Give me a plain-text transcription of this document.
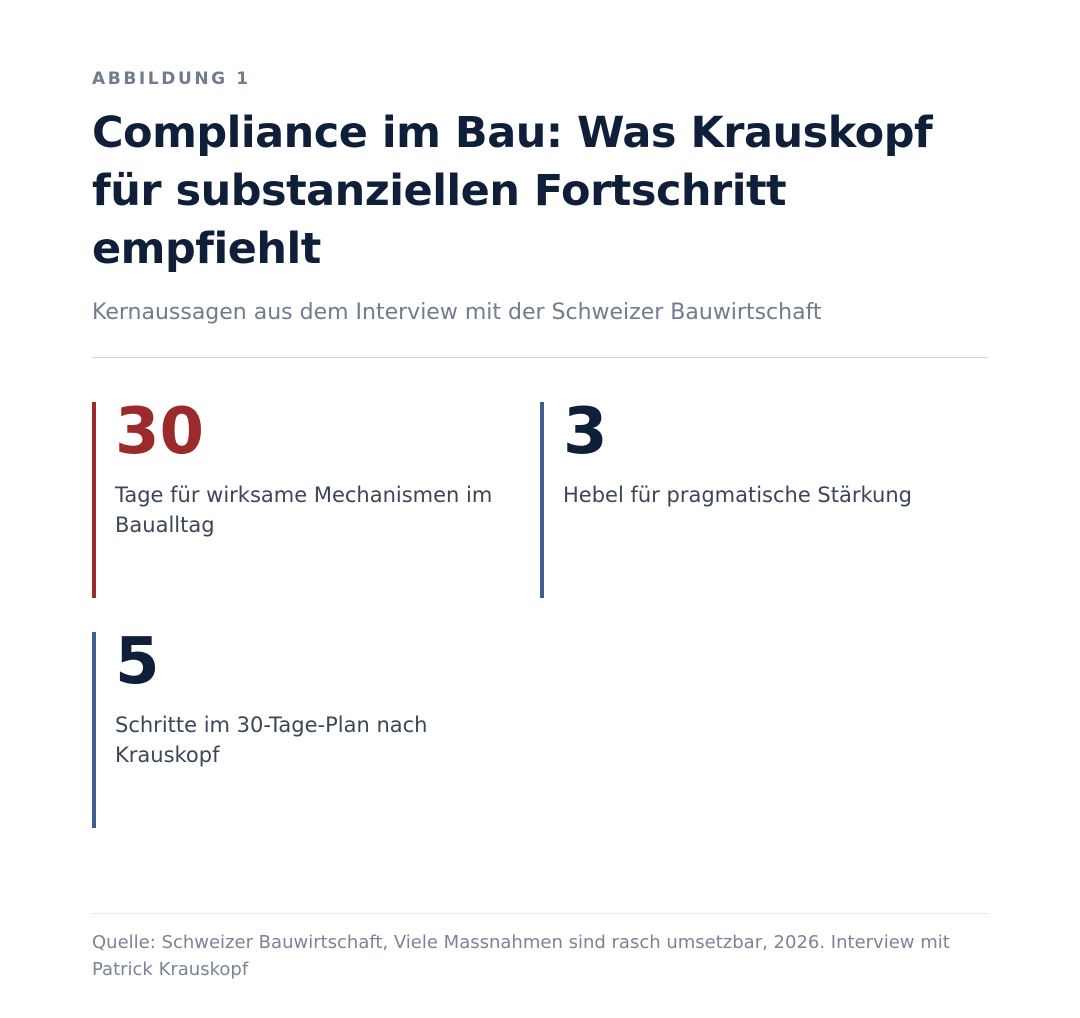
ABBILDUNG 1
Compliance im Bau: Was Krauskopf für substanziellen Fortschritt empfiehlt
Kernaussagen aus dem Interview mit der Schweizer Bauwirtschaft
30
Tage für wirksame Mechanismen im Baualltag
3
Hebel für pragmatische Stärkung
5
Schritte im 30-Tage-Plan nach Krauskopf
Quelle: Schweizer Bauwirtschaft, Viele Massnahmen sind rasch umsetzbar, 2026. Interview mit Patrick Krauskopf
